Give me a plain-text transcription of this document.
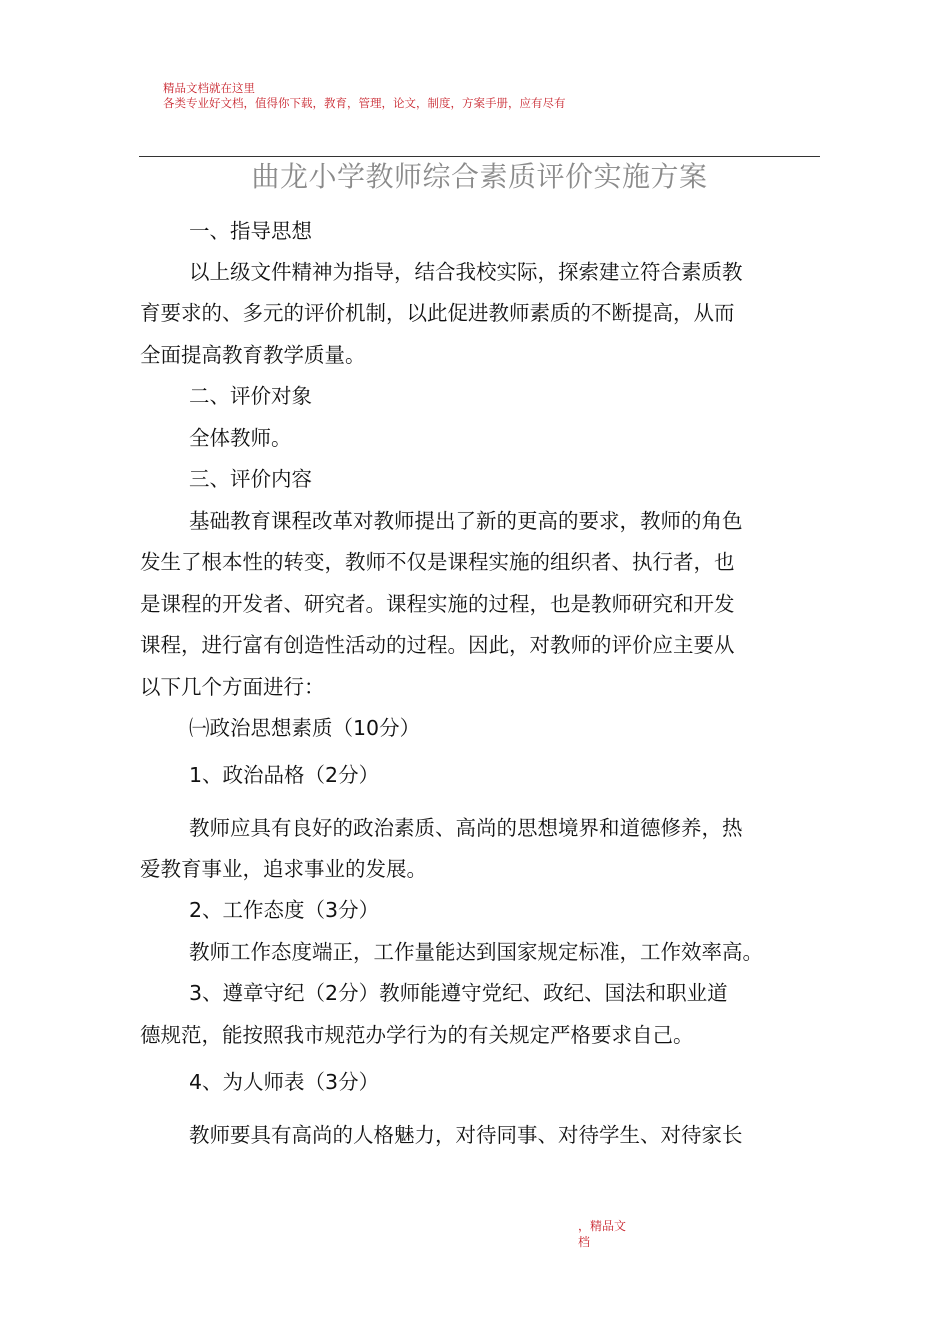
精品文档就在这里
各类专业好文档，值得你下载，教育，管理，论文，制度，方案手册，应有尽有
曲龙小学教师综合素质评价实施方案
一、指导思想
以上级文件精神为指导，结合我校实际，探索建立符合素质教
育要求的、多元的评价机制，以此促进教师素质的不断提高，从而
全面提高教育教学质量。
二、评价对象
全体教师。
三、评价内容
基础教育课程改革对教师提出了新的更高的要求，教师的角色
发生了根本性的转变，教师不仅是课程实施的组织者、执行者，也
是课程的开发者、研究者。课程实施的过程，也是教师研究和开发
课程，进行富有创造性活动的过程。因此，对教师的评价应主要从
以下几个方面进行：
㈠政治思想素质（10分）
1、政治品格（2分）
教师应具有良好的政治素质、高尚的思想境界和道德修养，热
爱教育事业，追求事业的发展。
2、工作态度（3分）
教师工作态度端正，工作量能达到国家规定标准，工作效率高。
3、遵章守纪（2分）教师能遵守党纪、政纪、国法和职业道
德规范，能按照我市规范办学行为的有关规定严格要求自己。
4、为人师表（3分）
教师要具有高尚的人格魅力，对待同事、对待学生、对待家长
，精品文
档
